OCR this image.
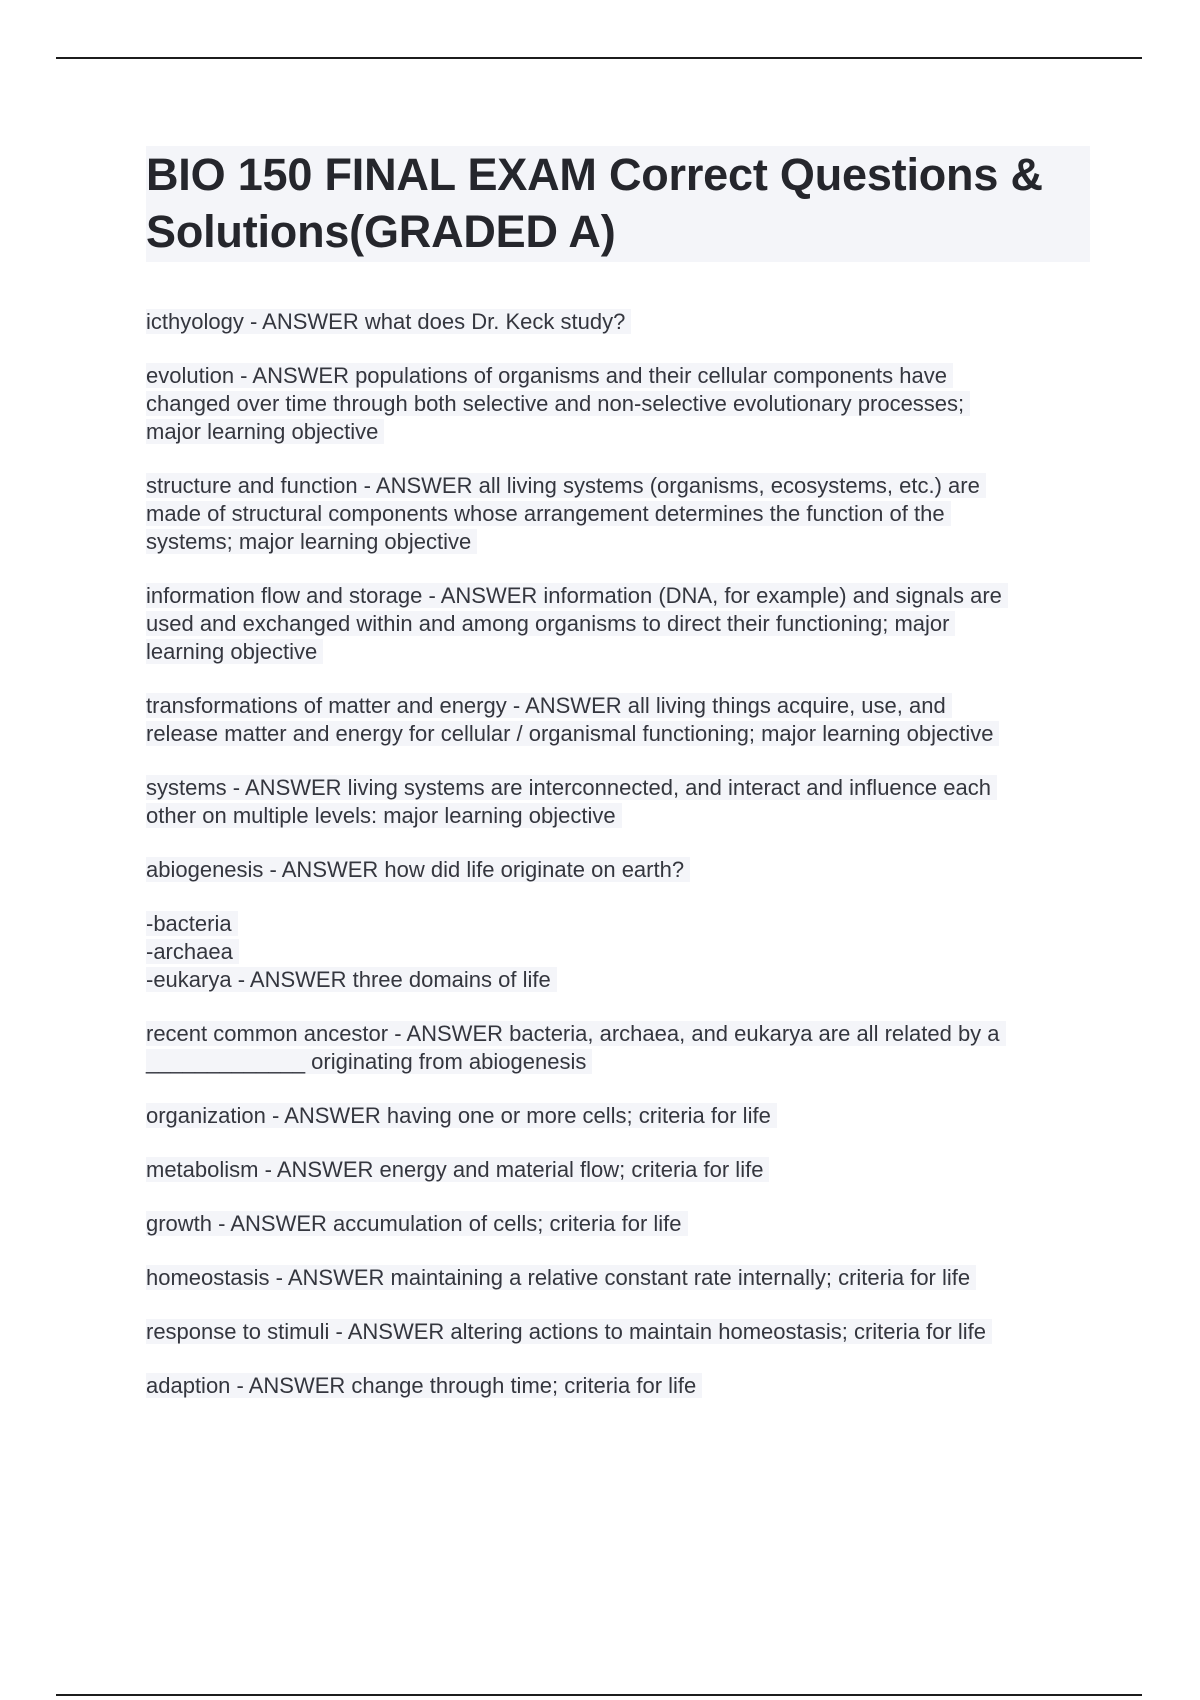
BIO 150 FINAL EXAM Correct Questions & Solutions(GRADED A)

icthyology - ANSWER what does Dr. Keck study?

evolution - ANSWER populations of organisms and their cellular components have
changed over time through both selective and non-selective evolutionary processes;
major learning objective

structure and function - ANSWER all living systems (organisms, ecosystems, etc.) are
made of structural components whose arrangement determines the function of the
systems; major learning objective

information flow and storage - ANSWER information (DNA, for example) and signals are
used and exchanged within and among organisms to direct their functioning; major
learning objective

transformations of matter and energy - ANSWER all living things acquire, use, and
release matter and energy for cellular / organismal functioning; major learning objective

systems - ANSWER living systems are interconnected, and interact and influence each
other on multiple levels: major learning objective

abiogenesis - ANSWER how did life originate on earth?

-bacteria
-archaea
-eukarya - ANSWER three domains of life

recent common ancestor - ANSWER bacteria, archaea, and eukarya are all related by a
_____________ originating from abiogenesis

organization - ANSWER having one or more cells; criteria for life

metabolism - ANSWER energy and material flow; criteria for life

growth - ANSWER accumulation of cells; criteria for life

homeostasis - ANSWER maintaining a relative constant rate internally; criteria for life

response to stimuli - ANSWER altering actions to maintain homeostasis; criteria for life

adaption - ANSWER change through time; criteria for life
